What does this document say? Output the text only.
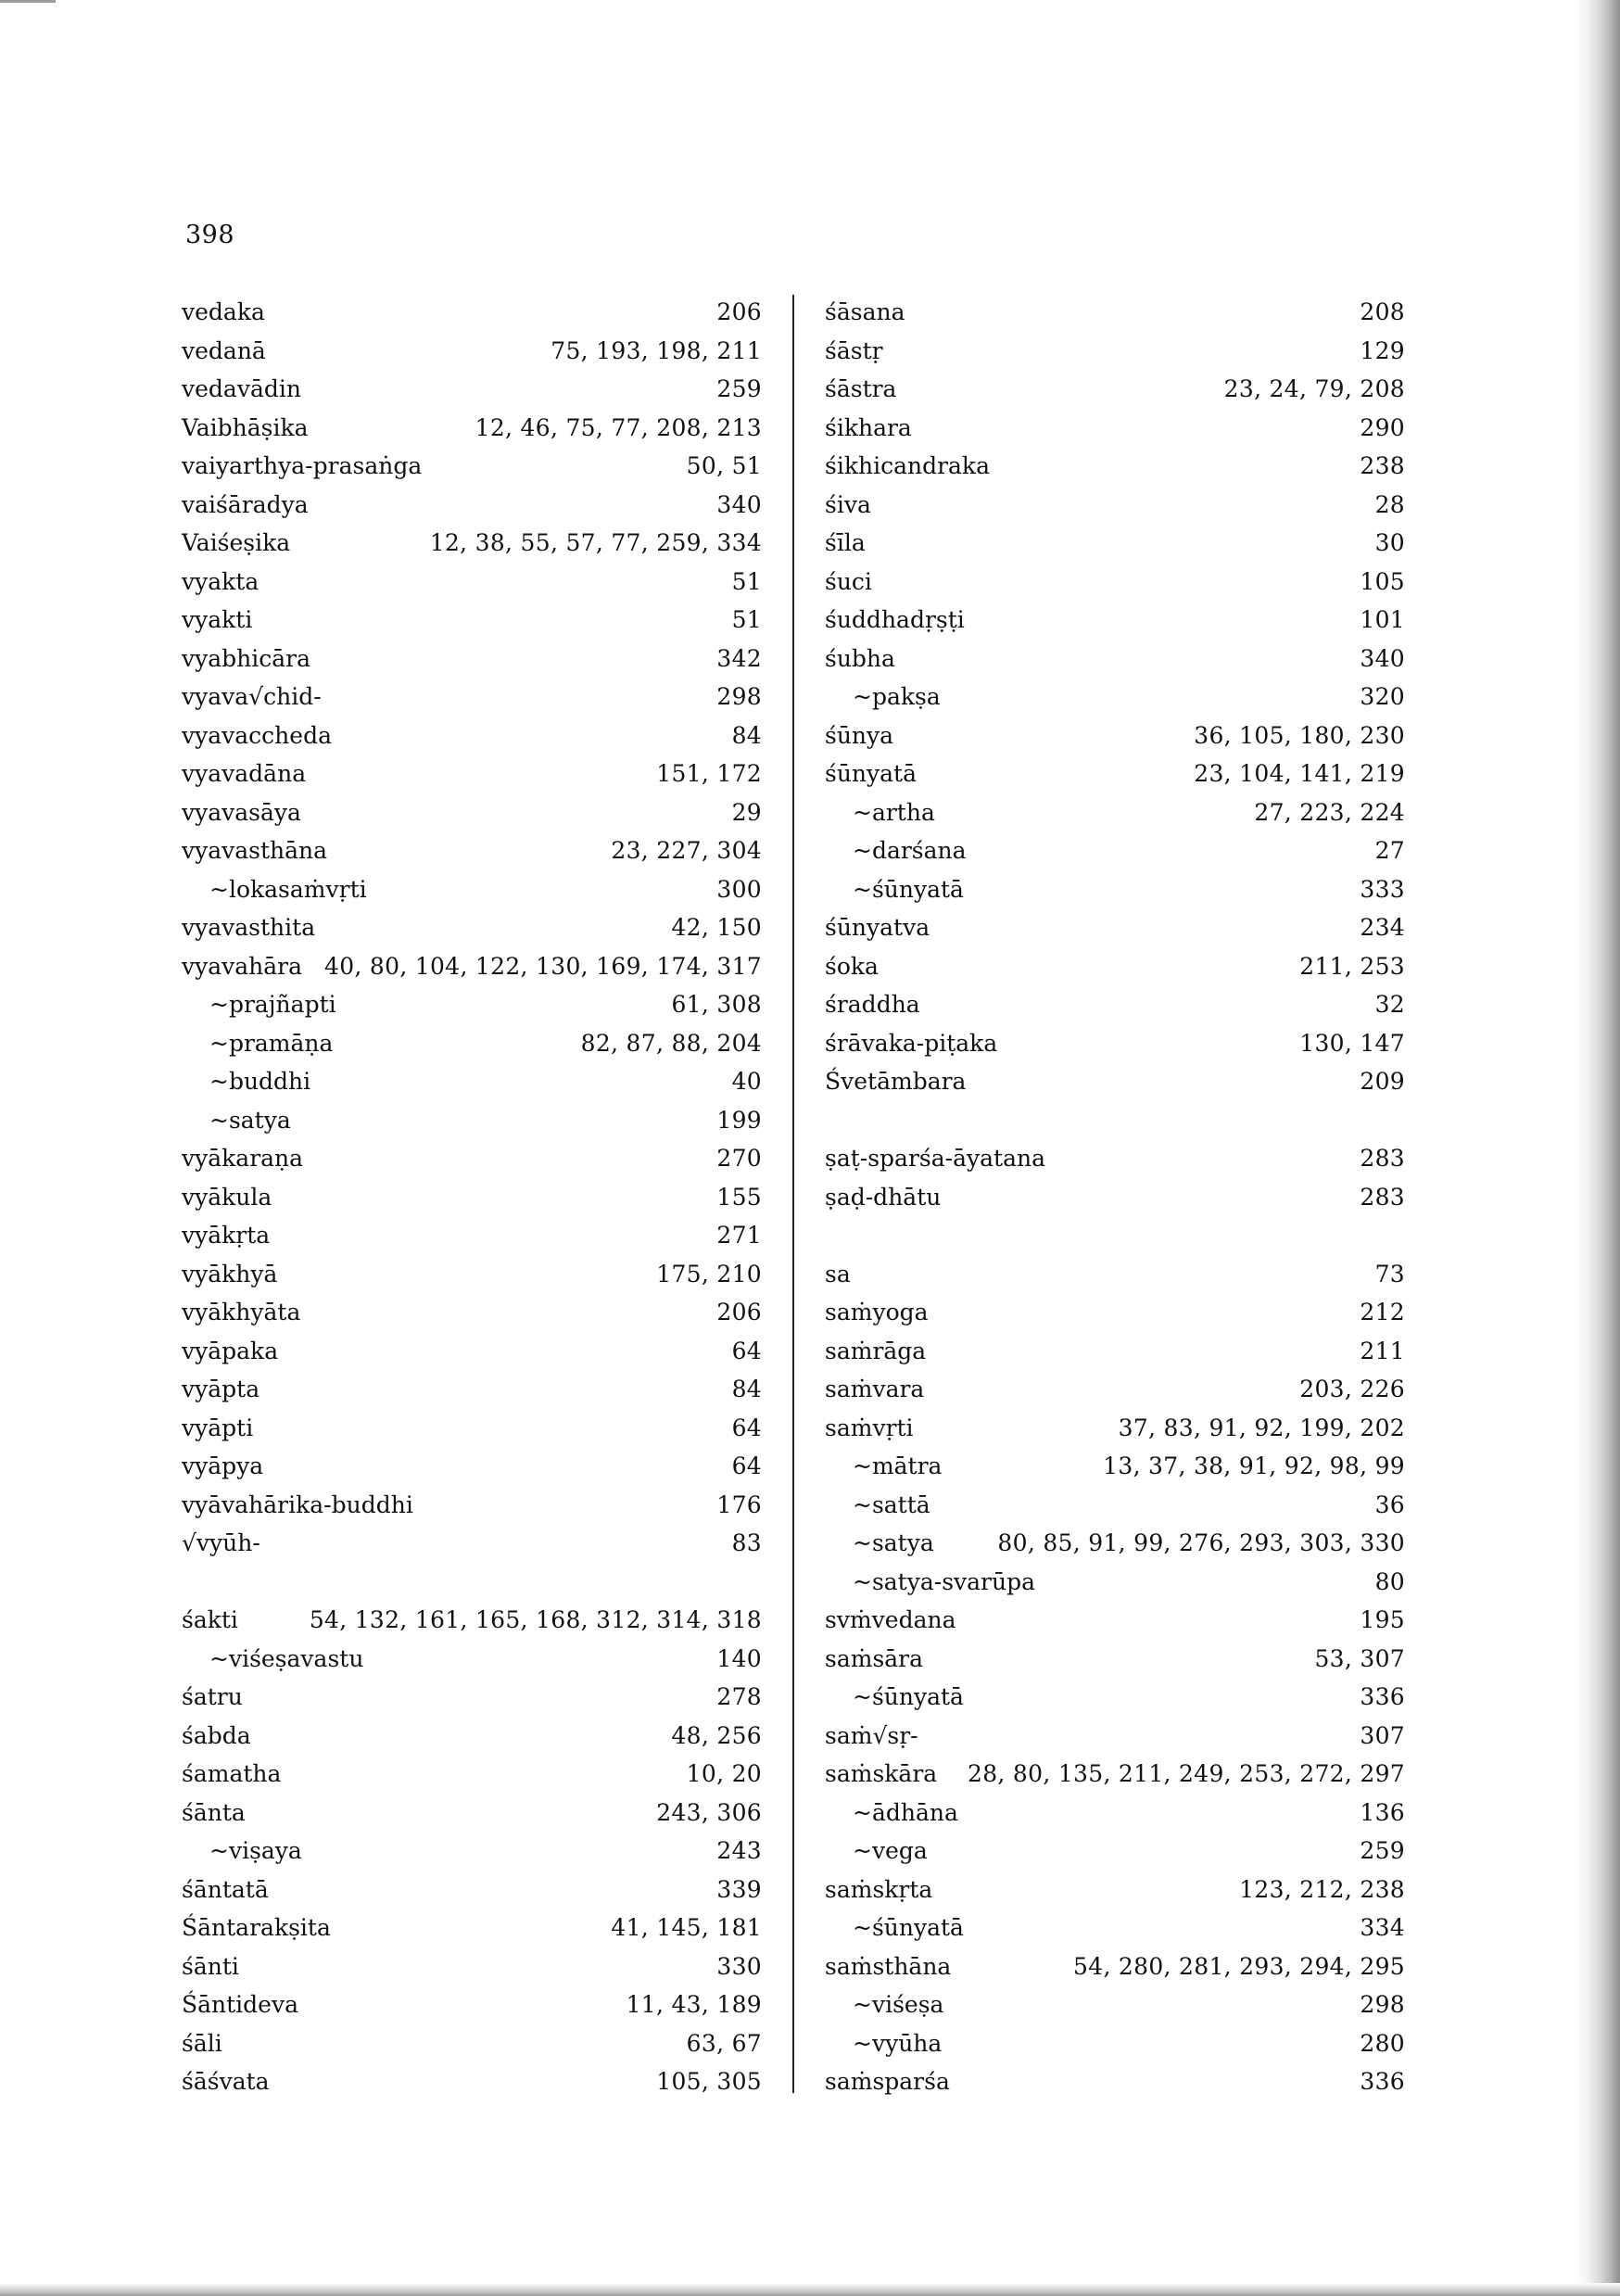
398
vedaka	206
vedanā	75, 193, 198, 211
vedavādin	259
Vaibhāṣika	12, 46, 75, 77, 208, 213
vaiyarthya-prasaṅga	50, 51
vaiśāradya	340
Vaiśeṣika	12, 38, 55, 57, 77, 259, 334
vyakta	51
vyakti	51
vyabhicāra	342
vyava√chid-	298
vyavaccheda	84
vyavadāna	151, 172
vyavasāya	29
vyavasthāna	23, 227, 304
~lokasaṁvṛti	300
vyavasthita	42, 150
vyavahāra 40, 80, 104, 122, 130, 169, 174, 317
~prajñapti	61, 308
~pramāṇa	82, 87, 88, 204
~buddhi	40
~satya	199
vyākaraṇa	270
vyākula	155
vyākṛta	271
vyākhyā	175, 210
vyākhyāta	206
vyāpaka	64
vyāpta	84
vyāpti	64
vyāpya	64
vyāvahārika-buddhi	176
√vyūh-	83
śakti	54, 132, 161, 165, 168, 312, 314, 318
~viśeṣavastu	140
śatru	278
śabda	48, 256
śamatha	10, 20
śānta	243, 306
~viṣaya	243
śāntatā	339
Śāntarakṣita	41, 145, 181
śānti	330
Śāntideva	11, 43, 189
śāli	63, 67
śāśvata	105, 305
śāsana	208
śāstṛ	129
śāstra	23, 24, 79, 208
śikhara	290
śikhicandraka	238
śiva	28
śīla	30
śuci	105
śuddhadṛṣṭi	101
śubha	340
~pakṣa	320
śūnya	36, 105, 180, 230
śūnyatā	23, 104, 141, 219
~artha	27, 223, 224
~darśana	27
~śūnyatā	333
śūnyatva	234
śoka	211, 253
śraddha	32
śrāvaka-piṭaka	130, 147
Śvetāmbara	209
ṣaṭ-sparśa-āyatana	283
ṣaḍ-dhātu	283
sa	73
saṁyoga	212
saṁrāga	211
saṁvara	203, 226
saṁvṛti	37, 83, 91, 92, 199, 202
~mātra	13, 37, 38, 91, 92, 98, 99
~sattā	36
~satya	80, 85, 91, 99, 276, 293, 303, 330
~satya-svarūpa	80
svṁvedana	195
saṁsāra	53, 307
~śūnyatā	336
saṁ√sṛ-	307
saṁskāra 28, 80, 135, 211, 249, 253, 272, 297
~ādhāna	136
~vega	259
saṁskṛta	123, 212, 238
~śūnyatā	334
saṁsthāna	54, 280, 281, 293, 294, 295
~viśeṣa	298
~vyūha	280
saṁsparśa	336
